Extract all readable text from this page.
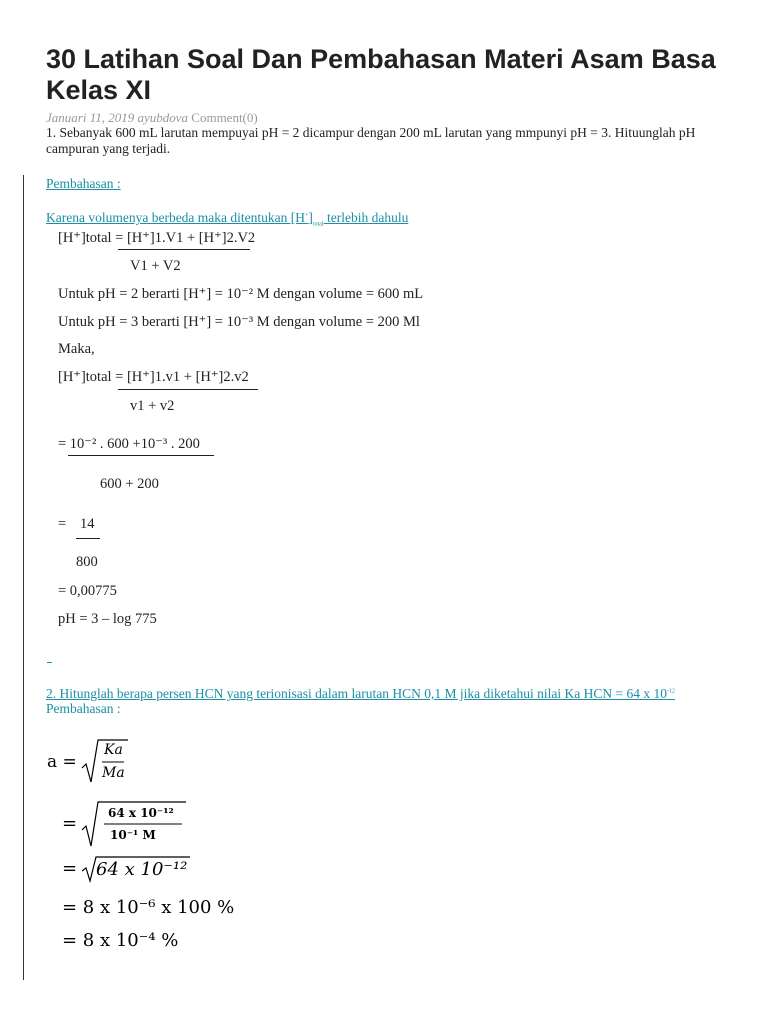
30 Latihan Soal Dan Pembahasan Materi Asam Basa Kelas XI
Januari 11, 2019 ayubdova Comment(0)

1. Sebanyak 600 mL larutan mempuyai pH = 2 dicampur dengan 200 mL larutan yang mmpunyi pH = 3. Hituunglah pH campuran yang terjadi.

Pembahasan :
Karena volumenya berbeda maka ditentukan $[H^+]_{total}$ terlebih dahulu
[H⁺]total = [H⁺]1.V1 + [H⁺]2.V2
V1 + V2
Untuk pH = 2 berarti [H⁺] = 10⁻² M dengan volume = 600 mL
Untuk pH = 3 berarti [H⁺] = 10⁻³ M dengan volume = 200 Ml
Maka,
[H⁺]total = [H⁺]1.v1 + [H⁺]2.v2
v1 + v2
= 10⁻² . 600 +10⁻³ . 200
600 + 200
= 14
800
= 0,00775
pH = 3 – log 775
2. Hitunglah berapa persen HCN yang terionisasi dalam larutan HCN 0,1 M jika diketahui nilai Ka HCN = 64 x $10^{-12}$
Pembahasan :
a =
Ka
Ma
=	64 x 10⁻¹²
10⁻¹ M
= 64 x 10⁻¹²
= 8 x 10⁻⁶ x 100 %
= 8 x 10⁻⁴ %
